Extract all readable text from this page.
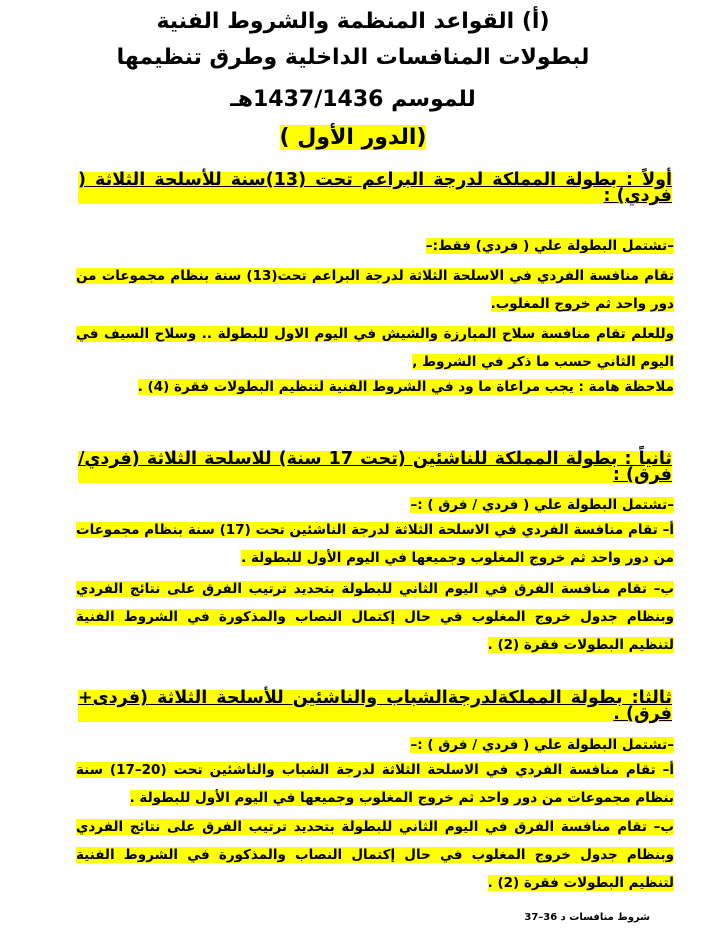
(أ) القواعد المنظمة والشروط الفنية
لبطولات المنافسات الداخلية وطرق تنظيمها
للموسم 1437/1436هـ
(الدور الأول )
أولاً : بطولة المملكة لدرجة البراعم تحت (13)سنة للأسلحة الثلاثة ( فردي) :
–تشتمل البطولة علي ( فردي) فقط:–
تقام منافسة الفردي في الاسلحة الثلاثة لدرجة البراعم تحت(13) سنة بنظام مجموعات من دور واحد ثم خروج المغلوب.
وللعلم تقام منافسة سلاح المبارزة والشيش في اليوم الاول للبطولة .. وسلاح السيف في اليوم الثاني حسب ما ذكر في الشروط ,
ملاحظة هامة : يجب مراعاة ما ود في الشروط الفنية لتنظيم البطولات فقرة (4) .
ثانياً : بطولة المملكة للناشئين (تحت 17 سنة) للاسلحة الثلاثة (فردي/ فرق) :
–تشتمل البطولة علي ( فردي / فرق ) :–
أ– تقام منافسة الفردي في الاسلحة الثلاثة لدرجة الناشئين تحت (17) سنة بنظام مجموعات من دور واحد ثم خروج المغلوب وجميعها في اليوم الأول للبطولة .
ب– تقام منافسة الفرق في اليوم الثاني للبطولة بتحديد ترتيب الفرق على نتائج الفردي وبنظام جدول خروج المغلوب في حال إكتمال النصاب والمذكورة في الشروط الفنية لتنظيم البطولات فقرة (2) .
ثالثا: بطولة المملكةلدرجةالشباب والناشئين للأسلحة الثلاثة (فردى+ فرق) .
–تشتمل البطولة علي ( فردي / فرق ) :–
أ– تقام منافسة الفردي في الاسلحة الثلاثة لدرجة الشباب والناشئين تحت (20–17) سنة بنظام مجموعات من دور واحد ثم خروج المغلوب وجميعها في اليوم الأول للبطولة .
ب– تقام منافسة الفرق في اليوم الثاني للبطولة بتحديد ترتيب الفرق على نتائج الفردي وبنظام جدول خروج المغلوب في حال إكتمال النصاب والمذكورة في الشروط الفنية لتنظيم البطولات فقرة (2) .
شروط منافسات د 36–37
